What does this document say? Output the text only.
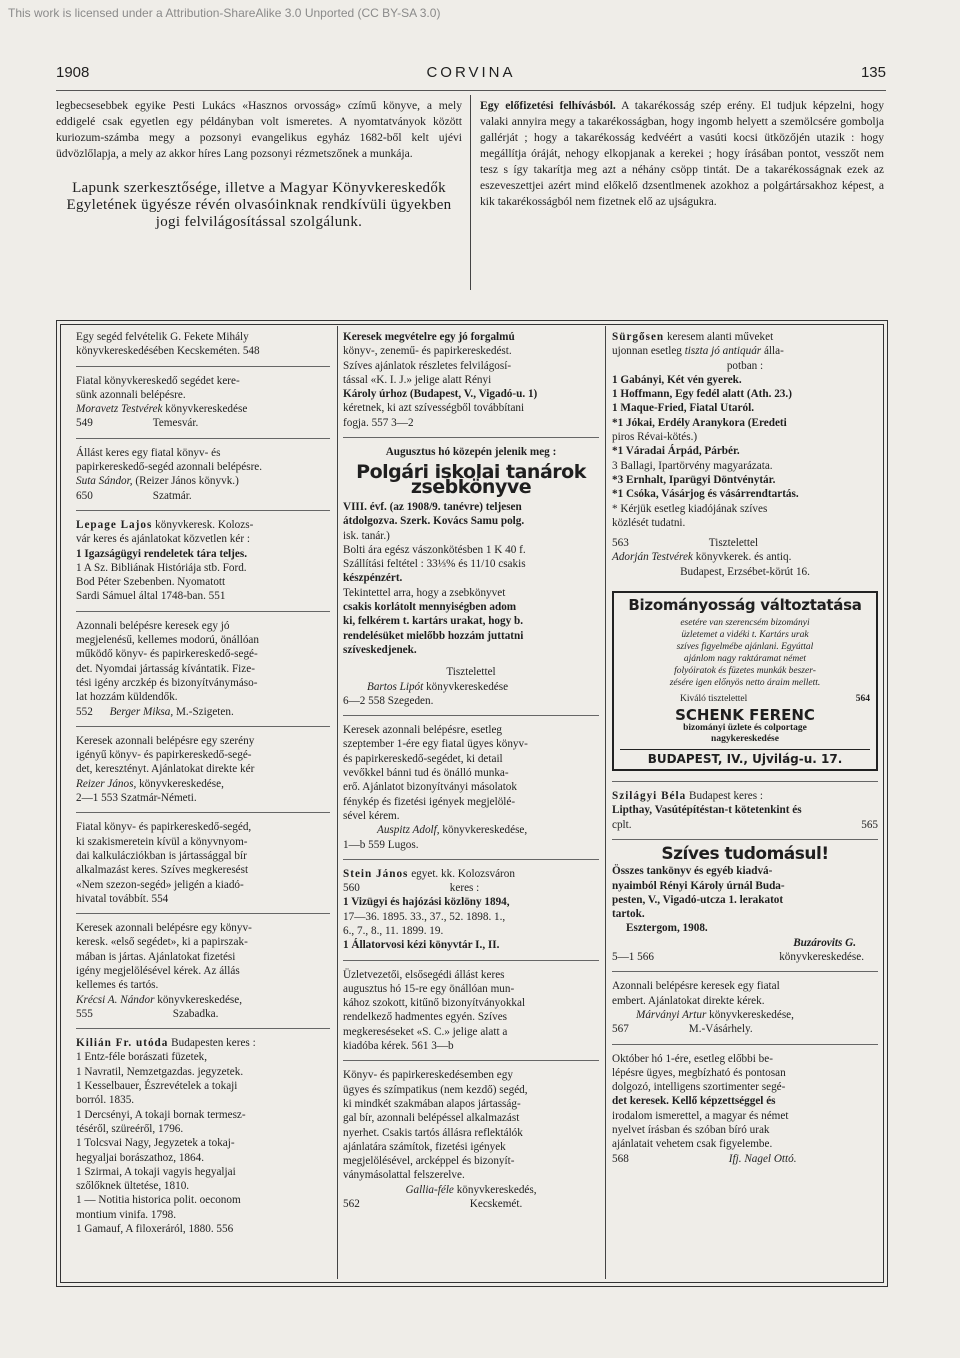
This work is licensed under a Attribution-ShareAlike 3.0 Unported (CC BY-SA 3.0)
1908	CORVINA	135

legbecsesebbek egyike Pesti Lukács «Hasznos orvosság» czímű könyve, a mely eddigelé csak egyetlen egy példányban volt ismeretes. A nyomtatványok között kuriozum-számba megy a pozsonyi evangelikus egyház 1682-ből kelt ujévi üdvözlőlapja, a mely az akkor híres Lang pozsonyi rézmetszőnek a munkája.

Lapunk szerkesztősége, illetve a Magyar Könyvkereskedők Egyletének ügyésze révén olvasóinknak rendkívüli ügyekben jogi felvilágosítással szolgálunk.

Egy előfizetési felhívásból. A takarékosság szép erény. El tudjuk képzelni, hogy valaki annyira megy a takarékosságban, hogy ingomb helyett a szemölcsére gombolja gallérját ; hogy a takarékosság kedvéért a vasúti kocsi ütközőjén utazik : hogy megállítja óráját, nehogy elkopjanak a kerekei ; hogy írásában pontot, vesszőt nem tesz s így takarítja meg azt a néhány csöpp tintát. De a takarékosságnak ezek az eszeveszettjei azért mind előkelő dzsentlmenek azokhoz a polgártársakhoz képest, a kik takarékosságból nem fizetnek elő az ujságukra.

Egy segéd felvételik G. Fekete Mihály

könyvkereskedésében Kecskeméten. 548

Fiatal könyvkereskedő segédet kere-

sünk azonnali belépésre.

Moravetz Testvérek könyvkereskedése

549	Temesvár.

Állást keres egy fiatal könyv- és

papirkereskedő-segéd azonnali belépésre.

Suta Sándor, (Reizer János könyvk.)

650	Szatmár.

Lepage Lajos könyvkeresk. Kolozs-

vár keres és ajánlatokat közvetlen kér :

1 Igazságügyi rendeletek tára teljes.

1 A Sz. Bibliának Históriája stb. Ford.

Bod Péter Szebenben. Nyomatott

Sardi Sámuel által 1748-ban. 551

Azonnali belépésre keresek egy jó

megjelenésű, kellemes modorú, önállóan

működő könyv- és papirkereskedő-segé-

det. Nyomdai jártasság kívántatik. Fize-

tési igény arczkép és bizonyítványmáso-

lat hozzám küldendők.

552 Berger Miksa, M.-Szigeten.

Keresek azonnali belépésre egy szerény

igényű könyv- és papirkereskedő-segé-

det, keresztényt. Ajánlatokat direkte kér

Reizer János, könyvkereskedése,

2—1 553 Szatmár-Németi.

Fiatal könyv- és papirkereskedő-segéd,

ki szakismeretein kívül a könyvnyom-

dai kalkulácziókban is jártassággal bír

alkalmazást keres. Szíves megkeresést

«Nem szezon-segéd» jeligén a kiadó-

hivatal továbbít. 554

Keresek azonnali belépésre egy könyv-

keresk. «első segédet», ki a papirszak-

mában is jártas. Ajánlatokat fizetési

igény megjelölésével kérek. Az állás

kellemes és tartós.

Krécsi A. Nándor könyvkereskedése,

555	Szabadka.

Kilián Fr. utóda Budapesten keres :

1 Entz-féle borászati füzetek,

1 Navratil, Nemzetgazdas. jegyzetek.

1 Kesselbauer, Észrevételek a tokaji

borról. 1835.

1 Dercsényi, A tokaji bornak termesz-

téséről, szüreéről, 1796.

1 Tolcsvai Nagy, Jegyzetek a tokaj-

hegyaljai borászathoz, 1864.

1 Szirmai, A tokaji vagyis hegyaljai

szőlőknek ültetése, 1810.

1 — Notitia historica polit. oeconom

montium vinifa. 1798.

1 Gamauf, A filoxeráról, 1880. 556

Keresek megvételre egy jó forgalmú

könyv-, zenemű- és papirkereskedést.

Szíves ajánlatok részletes felvilágosí-

tással «K. I. J.» jeligе alatt Rényi

Károly úrhoz (Budapest, V., Vigadó-u. 1)

kéretnek, ki azt szívességből továbbítani

fogja. 557 3—2

Augusztus hó közepén jelenik meg :

Polgári iskolai tanárok zsebkönyve

VIII. évf. (az 1908/9. tanévre) teljesen

átdolgozva. Szerk. Kovács Samu polg.

isk. tanár.)

Bolti ára egész vászonkötésben 1 K 40 f.

Szállítási feltétel : 33⅓% és 11/10 csakis

készpénzért.

Tekintettel arra, hogy a zsebkönyvet

csakis korlátolt mennyiségben adom

ki, felkérem t. kartárs urakat, hogy b.

rendelésüket mielőbb hozzám juttatni

szíveskedjenek.

Tisztelettel

Bartos Lipót könyvkereskedése

6—2 558 Szegeden.

Keresek azonnali belépésre, esetleg

szeptember 1-ére egy fiatal ügyes könyv-

és papirkereskedő-segédet, ki detail

vevőkkel bánni tud és önálló munka-

erő. Ajánlatot bizonyítványi másolatok

fénykép és fizetési igények megjelölé-

sével kérem.

Auspitz Adolf, könyvkereskedése,

1—b 559 Lugos.

Stein János egyet. kk. Kolozsváron

560	keres :

1 Vizügyi és hajózási közlöny 1894,

17—36. 1895. 33., 37., 52. 1898. 1.,

6., 7., 8., 11. 1899. 19.

1 Állatorvosi kézi könyvtár I., II.

Üzletvezetői, elsősegédi állást keres

augusztus hó 15-re egy önállóan mun-

kához szokott, kitűnő bizonyítványokkal

rendelkező hadmentes egyén. Szíves

megkereséseket «S. C.» jeligе alatt a

kiadóba kérek. 561 3—b

Könyv- és papirkereskedésemben egy

ügyes és szímpatikus (nem kezdő) segéd,

ki mindkét szakmában alapos jártasság-

gal bír, azonnali belépéssel alkalmazást

nyerhet. Csakis tartós állásra reflektálók

ajánlatára számítok, fizetési igények

megjelölésével, arcképpel és bizonyít-

ványmásolattal felszerelve.

Gallia-féle könyvkereskedés,

562	Kecskemét.

Sürgősen keresem alanti műveket

ujonnan esetleg tiszta jó antiquár álla-

potban :

1 Gabányi, Két vén gyerek.

1 Hoffmann, Egy fedél alatt (Ath. 23.)

1 Maque-Fried, Fiatal Utaról.

*1 Jókai, Erdély Aranykora (Eredeti

piros Révai-kötés.)

*1 Váradai Árpád, Párbér.

3 Ballagi, Ipartörvény magyarázata.

*3 Ernhalt, Iparügyi Döntvénytár.

*1 Csóka, Vásárjog és vásárrendtartás.

* Kérjük esetleg kiadójának szíves

közlését tudatni.

563	Tisztelettel

Adorján Testvérek könyvkerek. és antiq.

Budapest, Erzsébet-körút 16.

Bizományosság változtatása
esetére van szerencsém bizományi
üzletemet a vidéki t. Kartárs urak
szíves figyelmébe ajánlani. Egyúttal
ajánlom nagy raktáramat német
folyóiratok és füzetes munkák beszer-
zésére igen előnyös netto áraim mellett.
Kiváló tisztelettel	564
SCHENK FERENC
bizományi üzlete és colportage
nagykereskedése
BUDAPEST, IV., Ujvilág-u. 17.

Szilágyi Béla Budapest keres :

Lipthay, Vasútépítéstan-t kötetenkint és

cplt.	565

Szíves tudomásul!

Összes tankönyv és egyéb kiadvá-

nyaimból Rényi Károly úrnál Buda-

pesten, V., Vigadó-utcza 1. lerakatot

tartok.

Esztergom, 1908.

Buzárovits G.

5—1 566	könyvkereskedése.

Azonnali belépésre keresek egy fiatal

embert. Ajánlatokat direkte kérek.

Márványi Artur könyvkereskedése,

567	M.-Vásárhely.

Október hó 1-ére, esetleg előbbi be-

lépésre ügyes, megbízható és pontosan

dolgozó, intelligens szortimenter segé-

det keresek. Kellő képzettséggel és

irodalom ismerettel, a magyar és német

nyelvet írásban és szóban bíró urak

ajánlatait vehetem csak figyelembe.

568	Ifj. Nagel Ottó.
